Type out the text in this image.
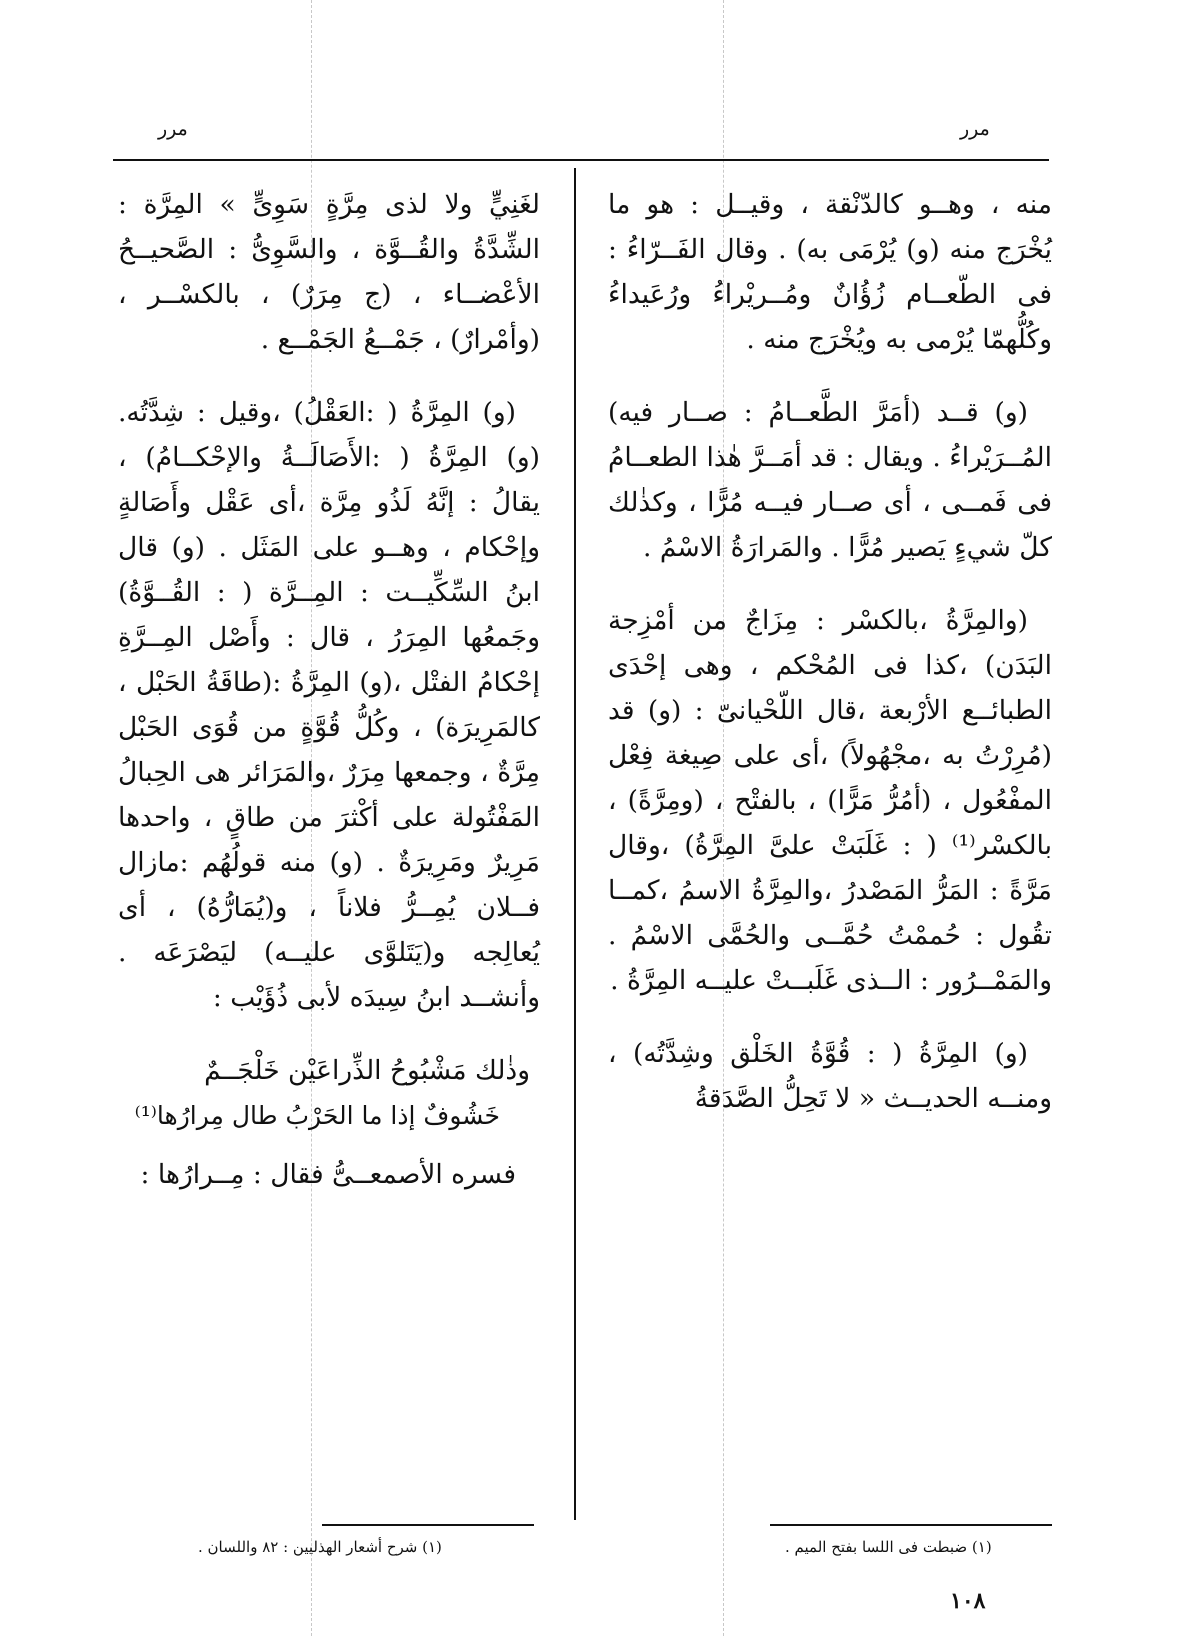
مرر	مرر

منه ، وهــو كالدّنْقة ، وقيــل : هو ما يُخْرَج منه (و) يُرْمَى به) . وقال الفَــرّاءُ : فى الطّعــام زُؤُانٌ ومُــريْراءُ ورُعَيداءُ وكُلُّهمّا يُرْمى به ويُخْرَج منه .

(و) قــد (أمَرَّ الطَّعــامُ : صــار فيه) المُــرَيْراءُ . ويقال : قد أمَــرَّ هٰذا الطعــامُ فى فَمــى ، أى صــار فيــه مُرًّا ، وكذٰلك كلّ شيءٍ يَصير مُرًّا . والمَرارَةُ الاسْمُ .

(والمِرَّةُ ،بالكسْر : مِزَاجٌ من أمْزِجة البَدَن) ،كذا فى المُحْكم ، وهى إحْدَى الطبائــع الأرْبعة ،قال اللّحْيانىّ : (و) قد (مُرِرْتُ به ،مجْهُولاً) ،أى على صِيغة فِعْل المفْعُول ، (أمُرُّ مَرًّا) ، بالفتْح ، (ومِرَّةً) ، بالكسْر⁽¹⁾ ( : غَلَبَتْ علىَّ المِرَّةُ) ،وقال مَرَّةً : المَرُّ المَصْدرُ ،والمِرَّةُ الاسمُ ،كمــا تقُول : حُممْتُ حُمَّــى والحُمَّى الاسْمُ . والمَمْــرُور : الــذى غَلَبــتْ عليــه المِرَّةُ .

(و) المِرَّةُ ( : قُوَّةُ الخَلْق وشِدَّتُه) ، ومنــه الحديــث « لا تَحِلُّ الصَّدَقةُ

لغَنِيٍّ ولا لذى مِرَّةٍ سَوِىٍّ » المِرَّة : الشِّدَّةُ والقُــوَّة ، والسَّوِىُّ : الصَّحيــحُ الأعْضــاء ، (ج مِرَرٌ) ، بالكسْــر ، (وأمْرارٌ) ، جَمْــعُ الجَمْــع .

(و) المِرَّةُ ( :العَقْلُ) ،وقيل : شِدَّتُه. (و) المِرَّةُ ( :الأَصَالَــةُ والإحْكــامُ) ، يقالُ : إنَّهُ لَذُو مِرَّة ،أى عَقْل وأَصَالةٍ وإحْكام ، وهــو على المَثَل . (و) قال ابنُ السِّكِّيــت : المِــرَّة ( : القُــوَّةُ) وجَمعُها المِرَرُ ، قال : وأَصْل المِــرَّةِ إحْكامُ الفتْل ،(و) المِرَّةُ :(طاقَةُ الحَبْل ، كالمَرِيرَة) ، وكُلُّ قُوَّةٍ من قُوَى الحَبْل مِرَّةٌ ، وجمعها مِرَرٌ ،والمَرَائر هى الحِبالُ المَفْتُولة على أكْثرَ من طاقٍ ، واحدها مَرِيرٌ ومَرِيرَةٌ . (و) منه قولُهُم :مازال فــلان يُمِــرُّ فلاناً ، و(يُمَارُّهُ) ، أى يُعالِجه و(يَتَلوَّى عليــه) ليَصْرَعَه . وأنشــد ابنُ سِيدَه لأبى ذُؤَيْب :

وذٰلك مَشْبُوحُ الذِّراعَيْن خَلْجَــمٌ

خَشُوفٌ إذا ما الحَرْبُ طال مِرارُها⁽¹⁾

فسره الأصمعــىُّ فقال : مِــرارُها :

(١) ضبطت فى اللسا بفتح الميم .
(١) شرح أشعار الهذليين : ٨٢ واللسان .
١٠٨
